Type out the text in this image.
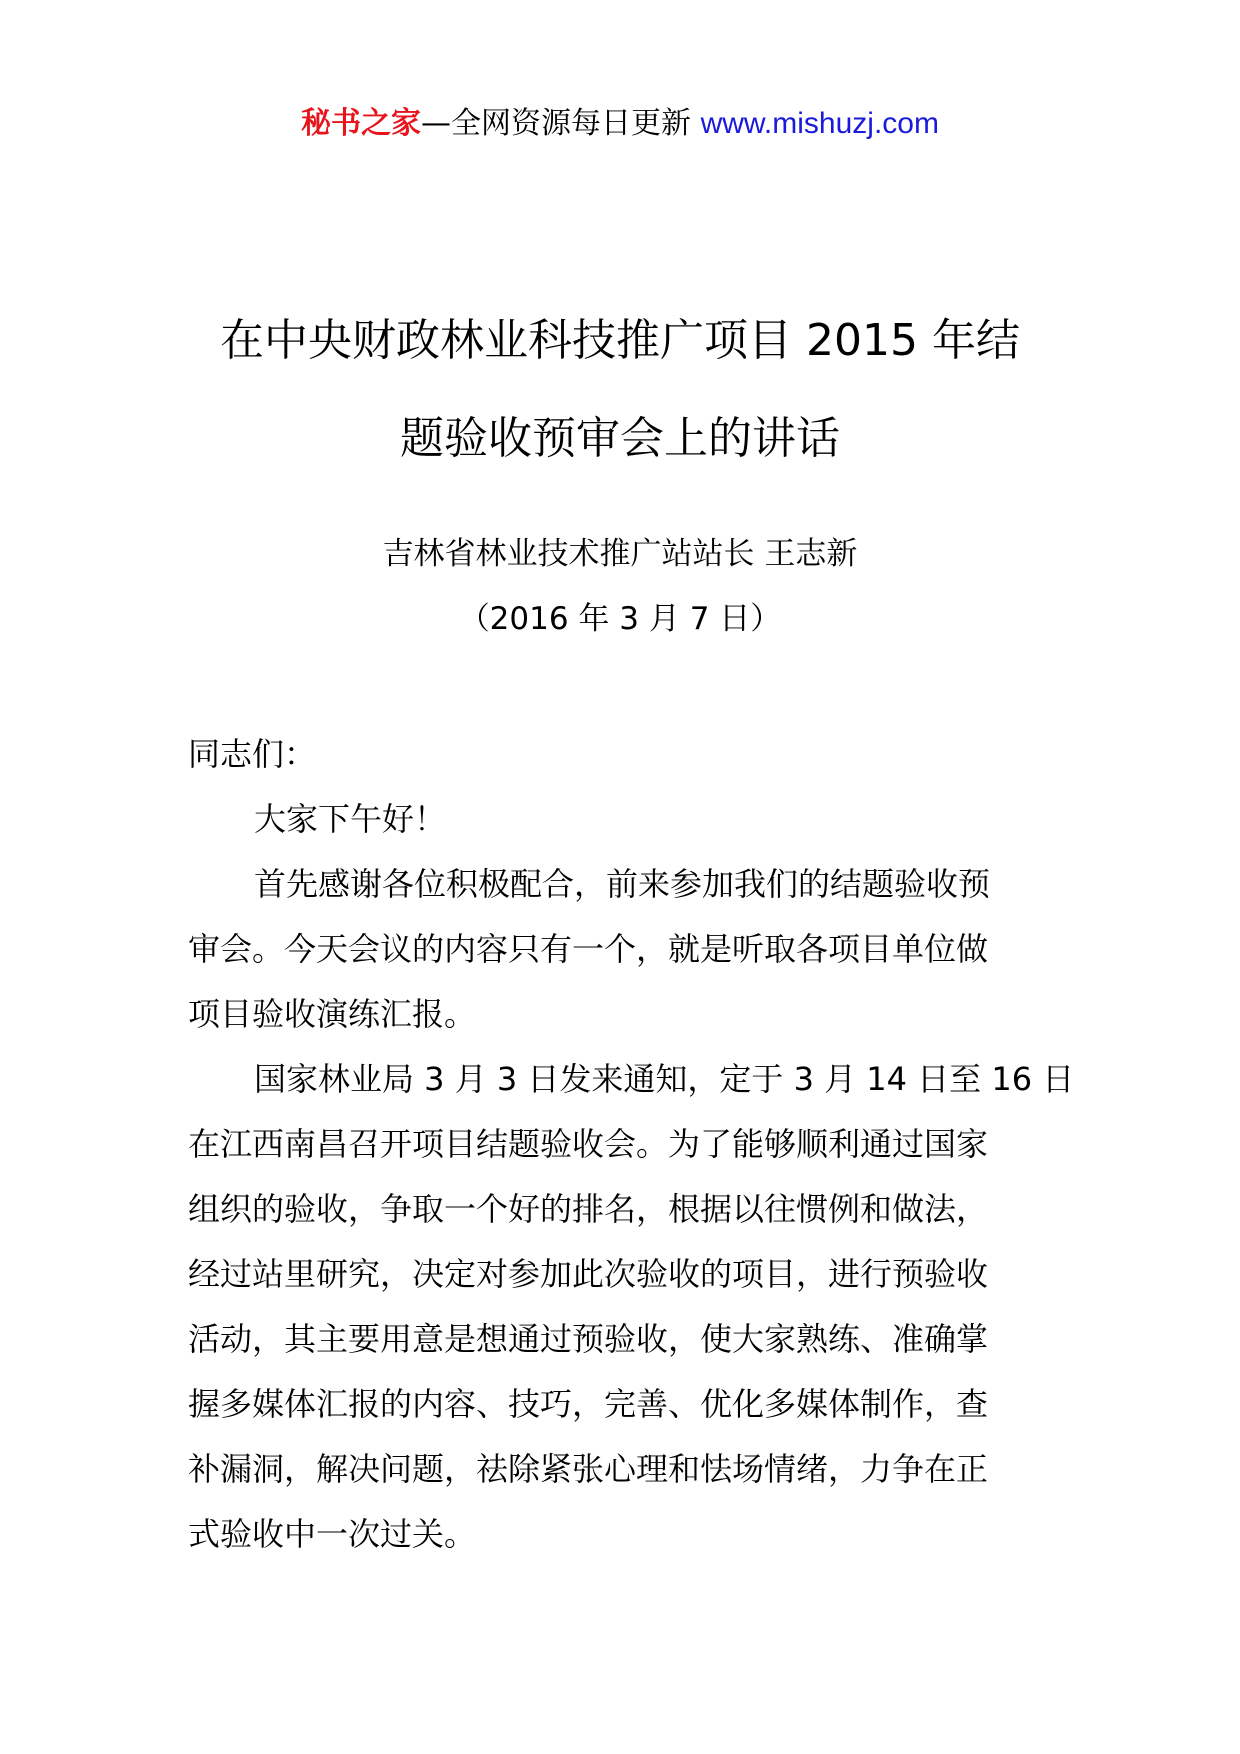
秘书之家—全网资源每日更新 www.mishuzj.com
在中央财政林业科技推广项目 2015 年结
题验收预审会上的讲话
吉林省林业技术推广站站长 王志新
（2016 年 3 月 7 日）
同志们：
大家下午好！
首先感谢各位积极配合，前来参加我们的结题验收预
审会。今天会议的内容只有一个，就是听取各项目单位做
项目验收演练汇报。
国家林业局 3 月 3 日发来通知，定于 3 月 14 日至 16 日
在江西南昌召开项目结题验收会。为了能够顺利通过国家
组织的验收，争取一个好的排名，根据以往惯例和做法，
经过站里研究，决定对参加此次验收的项目，进行预验收
活动，其主要用意是想通过预验收，使大家熟练、准确掌
握多媒体汇报的内容、技巧，完善、优化多媒体制作，查
补漏洞，解决问题，祛除紧张心理和怯场情绪，力争在正
式验收中一次过关。
